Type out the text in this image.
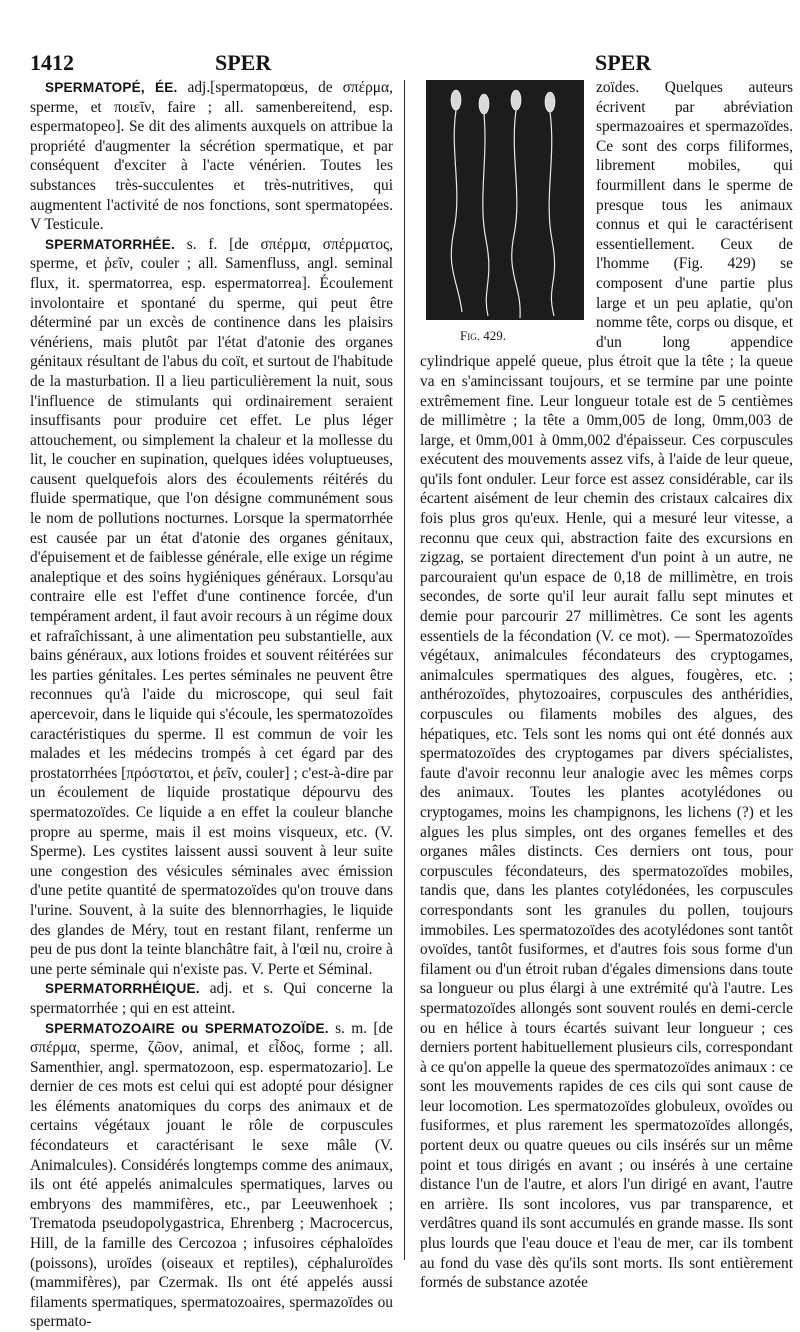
1412	SPER	SPER

SPERMATOPÉ, ÉE. adj.[spermatopœus, de σπέρμα, sperme, et ποιεῖν, faire ; all. samenbereitend, esp. espermatopeo]. Se dit des aliments auxquels on attribue la propriété d'augmenter la sécrétion spermatique, et par conséquent d'exciter à l'acte vénérien. Toutes les substances très-succulentes et très-nutritives, qui augmentent l'activité de nos fonctions, sont spermatopées. V Testicule.

SPERMATORRHÉE. s. f. [de σπέρμα, σπέρματος, sperme, et ῥεῖν, couler ; all. Samenfluss, angl. seminal flux, it. spermatorrea, esp. espermatorrea]. Écoulement involontaire et spontané du sperme, qui peut être déterminé par un excès de continence dans les plaisirs vénériens, mais plutôt par l'état d'atonie des organes génitaux résultant de l'abus du coït, et surtout de l'habitude de la masturbation. Il a lieu particulièrement la nuit, sous l'influence de stimulants qui ordinairement seraient insuffisants pour produire cet effet. Le plus léger attouchement, ou simplement la chaleur et la mollesse du lit, le coucher en supination, quelques idées voluptueuses, causent quelquefois alors des écoulements réitérés du fluide spermatique, que l'on désigne communément sous le nom de pollutions nocturnes. Lorsque la spermatorrhée est causée par un état d'atonie des organes génitaux, d'épuisement et de faiblesse générale, elle exige un régime analeptique et des soins hygiéniques généraux. Lorsqu'au contraire elle est l'effet d'une continence forcée, d'un tempérament ardent, il faut avoir recours à un régime doux et rafraîchissant, à une alimentation peu substantielle, aux bains généraux, aux lotions froides et souvent réitérées sur les parties génitales. Les pertes séminales ne peuvent être reconnues qu'à l'aide du microscope, qui seul fait apercevoir, dans le liquide qui s'écoule, les spermatozoïdes caractéristiques du sperme. Il est commun de voir les malades et les médecins trompés à cet égard par des prostatorrhées [πρόστατοι, et ῥεῖν, couler] ; c'est-à-dire par un écoulement de liquide prostatique dépourvu des spermatozoïdes. Ce liquide a en effet la couleur blanche propre au sperme, mais il est moins visqueux, etc. (V. Sperme). Les cystites laissent aussi souvent à leur suite une congestion des vésicules séminales avec émission d'une petite quantité de spermatozoïdes qu'on trouve dans l'urine. Souvent, à la suite des blennorrhagies, le liquide des glandes de Méry, tout en restant filant, renferme un peu de pus dont la teinte blanchâtre fait, à l'œil nu, croire à une perte séminale qui n'existe pas. V. Perte et Séminal.

SPERMATORRHÉIQUE. adj. et s. Qui concerne la spermatorrhée ; qui en est atteint.

SPERMATOZOAIRE ou SPERMATOZOÏDE. s. m. [de σπέρμα, sperme, ζῶον, animal, et εἶδος, forme ; all. Samenthier, angl. spermatozoon, esp. espermatozario]. Le dernier de ces mots est celui qui est adopté pour désigner les éléments anatomiques du corps des animaux et de certains végétaux jouant le rôle de corpuscules fécondateurs et caractérisant le sexe mâle (V. Animalcules). Considérés longtemps comme des animaux, ils ont été appelés animalcules spermatiques, larves ou embryons des mammifères, etc., par Leeuwenhoek ; Trematoda pseudopolygastrica, Ehrenberg ; Macrocercus, Hill, de la famille des Cercozoa ; infusoires céphaloïdes (poissons), uroïdes (oiseaux et reptiles), céphaluroïdes (mammifères), par Czermak. Ils ont été appelés aussi filaments spermatiques, spermatozoaires, spermazoïdes ou spermato-

Fig. 429.

zoïdes. Quelques auteurs écrivent par abréviation spermazoaires et spermazoïdes. Ce sont des corps filiformes, librement mobiles, qui fourmillent dans le sperme de presque tous les animaux connus et qui le caractérisent essentiellement. Ceux de l'homme (Fig. 429) se composent d'une partie plus large et un peu aplatie, qu'on nomme tête, corps ou disque, et d'un long appendice cylindrique appelé queue, plus étroit que la tête ; la queue va en s'amincissant toujours, et se termine par une pointe extrêmement fine. Leur longueur totale est de 5 centièmes de millimètre ; la tête a 0mm,005 de long, 0mm,003 de large, et 0mm,001 à 0mm,002 d'épaisseur. Ces corpuscules exécutent des mouvements assez vifs, à l'aide de leur queue, qu'ils font onduler. Leur force est assez considérable, car ils écartent aisément de leur chemin des cristaux calcaires dix fois plus gros qu'eux. Henle, qui a mesuré leur vitesse, a reconnu que ceux qui, abstraction faite des excursions en zigzag, se portaient directement d'un point à un autre, ne parcouraient qu'un espace de 0,18 de millimètre, en trois secondes, de sorte qu'il leur aurait fallu sept minutes et demie pour parcourir 27 millimètres. Ce sont les agents essentiels de la fécondation (V. ce mot). — Spermatozoïdes végétaux, animalcules fécondateurs des cryptogames, animalcules spermatiques des algues, fougères, etc. ; anthérozoïdes, phytozoaires, corpuscules des anthéridies, corpuscules ou filaments mobiles des algues, des hépatiques, etc. Tels sont les noms qui ont été donnés aux spermatozoïdes des cryptogames par divers spécialistes, faute d'avoir reconnu leur analogie avec les mêmes corps des animaux. Toutes les plantes acotylédones ou cryptogames, moins les champignons, les lichens (?) et les algues les plus simples, ont des organes femelles et des organes mâles distincts. Ces derniers ont tous, pour corpuscules fécondateurs, des spermatozoïdes mobiles, tandis que, dans les plantes cotylédonées, les corpuscules correspondants sont les granules du pollen, toujours immobiles. Les spermatozoïdes des acotylédones sont tantôt ovoïdes, tantôt fusiformes, et d'autres fois sous forme d'un filament ou d'un étroit ruban d'égales dimensions dans toute sa longueur ou plus élargi à une extrémité qu'à l'autre. Les spermatozoïdes allongés sont souvent roulés en demi-cercle ou en hélice à tours écartés suivant leur longueur ; ces derniers portent habituellement plusieurs cils, correspondant à ce qu'on appelle la queue des spermatozoïdes animaux : ce sont les mouvements rapides de ces cils qui sont cause de leur locomotion. Les spermatozoïdes globuleux, ovoïdes ou fusiformes, et plus rarement les spermatozoïdes allongés, portent deux ou quatre queues ou cils insérés sur un même point et tous dirigés en avant ; ou insérés à une certaine distance l'un de l'autre, et alors l'un dirigé en avant, l'autre en arrière. Ils sont incolores, vus par transparence, et verdâtres quand ils sont accumulés en grande masse. Ils sont plus lourds que l'eau douce et l'eau de mer, car ils tombent au fond du vase dès qu'ils sont morts. Ils sont entièrement formés de substance azotée
